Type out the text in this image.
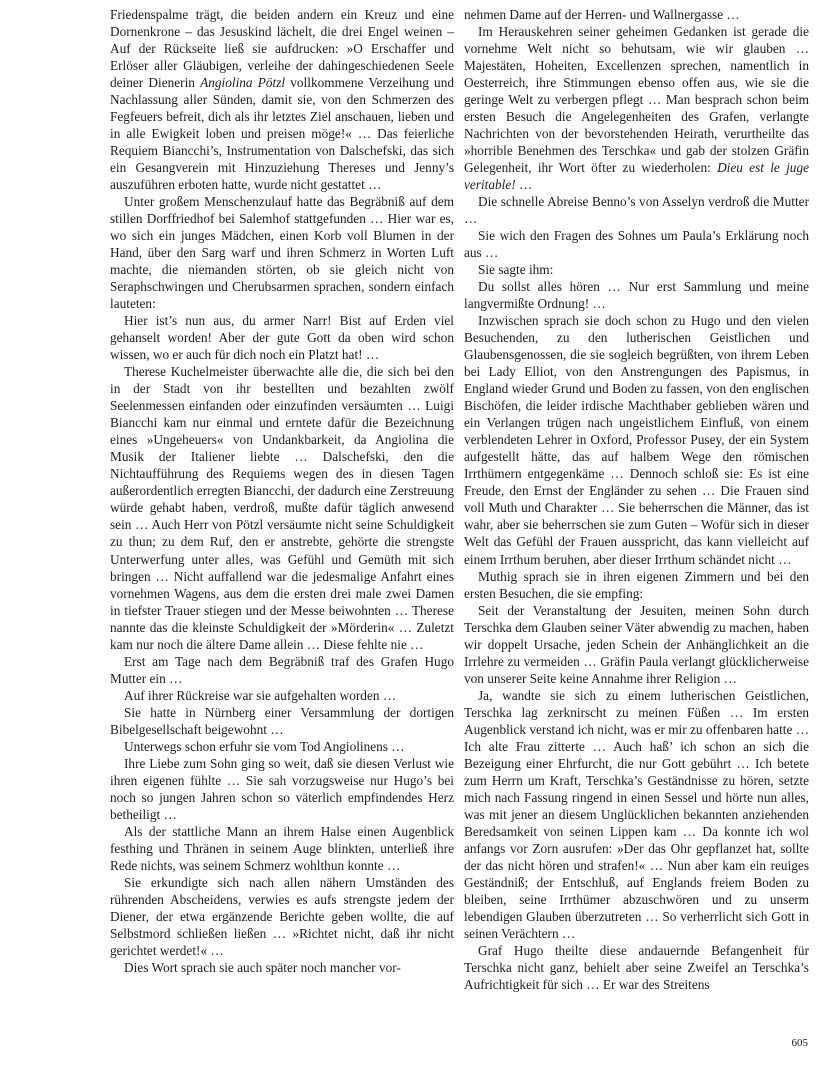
Friedenspalme trägt, die beiden andern ein Kreuz und eine Dornenkrone – das Jesuskind lächelt, die drei Engel weinen – Auf der Rückseite ließ sie aufdrucken: »O Erschaffer und Erlöser aller Gläubigen, verleihe der dahingeschiedenen Seele deiner Dienerin Angiolina Pötzl vollkommene Verzeihung und Nachlassung aller Sünden, damit sie, von den Schmerzen des Fegfeuers befreit, dich als ihr letztes Ziel anschauen, lieben und in alle Ewigkeit loben und preisen möge!« … Das feierliche Requiem Biancchi’s, Instrumentation von Dalschefski, das sich ein Gesangverein mit Hinzuziehung Thereses und Jenny’s auszuführen erboten hatte, wurde nicht gestattet …

Unter großem Menschenzulauf hatte das Begräbniß auf dem stillen Dorffriedhof bei Salemhof stattgefunden … Hier war es, wo sich ein junges Mädchen, einen Korb voll Blumen in der Hand, über den Sarg warf und ihren Schmerz in Worten Luft machte, die niemanden störten, ob sie gleich nicht von Seraphschwingen und Cherubsarmen sprachen, sondern einfach lauteten:

Hier ist’s nun aus, du armer Narr! Bist auf Erden viel gehanselt worden! Aber der gute Gott da oben wird schon wissen, wo er auch für dich noch ein Platzt hat! …

Therese Kuchelmeister überwachte alle die, die sich bei den in der Stadt von ihr bestellten und bezahlten zwölf Seelenmessen einfanden oder einzufinden versäumten … Luigi Biancchi kam nur einmal und erntete dafür die Bezeichnung eines »Ungeheuers« von Undankbarkeit, da Angiolina die Musik der Italiener liebte … Dalschefski, den die Nichtaufführung des Requiems wegen des in diesen Tagen außerordentlich erregten Biancchi, der dadurch eine Zerstreuung würde gehabt haben, verdroß, mußte dafür täglich anwesend sein … Auch Herr von Pötzl versäumte nicht seine Schuldigkeit zu thun; zu dem Ruf, den er anstrebte, gehörte die strengste Unterwerfung unter alles, was Gefühl und Gemüth mit sich bringen … Nicht auffallend war die jedesmalige Anfahrt eines vornehmen Wagens, aus dem die ersten drei male zwei Damen in tiefster Trauer stiegen und der Messe beiwohnten … Therese nannte das die kleinste Schuldigkeit der »Mörderin« … Zuletzt kam nur noch die ältere Dame allein … Diese fehlte nie …

Erst am Tage nach dem Begräbniß traf des Grafen Hugo Mutter ein …

Auf ihrer Rückreise war sie aufgehalten worden …

Sie hatte in Nürnberg einer Versammlung der dortigen Bibelgesellschaft beigewohnt …

Unterwegs schon erfuhr sie vom Tod Angiolinens …

Ihre Liebe zum Sohn ging so weit, daß sie diesen Verlust wie ihren eigenen fühlte … Sie sah vorzugsweise nur Hugo’s bei noch so jungen Jahren schon so väterlich empfindendes Herz betheiligt …

Als der stattliche Mann an ihrem Halse einen Augenblick festhing und Thränen in seinem Auge blinkten, unterließ ihre Rede nichts, was seinem Schmerz wohlthun konnte …

Sie erkundigte sich nach allen nähern Umständen des rührenden Abscheidens, verwies es aufs strengste jedem der Diener, der etwa ergänzende Berichte geben wollte, die auf Selbstmord schließen ließen … »Richtet nicht, daß ihr nicht gerichtet werdet!« …

Dies Wort sprach sie auch später noch mancher vor-

nehmen Dame auf der Herren- und Wallnergasse …

Im Herauskehren seiner geheimen Gedanken ist gerade die vornehme Welt nicht so behutsam, wie wir glauben … Majestäten, Hoheiten, Excellenzen sprechen, namentlich in Oesterreich, ihre Stimmungen ebenso offen aus, wie sie die geringe Welt zu verbergen pflegt … Man besprach schon beim ersten Besuch die Angelegenheiten des Grafen, verlangte Nachrichten von der bevorstehenden Heirath, verurtheilte das »horrible Benehmen des Terschka« und gab der stolzen Gräfin Gelegenheit, ihr Wort öfter zu wiederholen: Dieu est le juge veritable! …

Die schnelle Abreise Benno’s von Asselyn verdroß die Mutter …

Sie wich den Fragen des Sohnes um Paula’s Erklärung noch aus …

Sie sagte ihm:

Du sollst alles hören … Nur erst Sammlung und meine langvermißte Ordnung! …

Inzwischen sprach sie doch schon zu Hugo und den vielen Besuchenden, zu den lutherischen Geistlichen und Glaubensgenossen, die sie sogleich begrüßten, von ihrem Leben bei Lady Elliot, von den Anstrengungen des Papismus, in England wieder Grund und Boden zu fassen, von den englischen Bischöfen, die leider irdische Machthaber geblieben wären und ein Verlangen trügen nach ungeistlichem Einfluß, von einem verblendeten Lehrer in Oxford, Professor Pusey, der ein System aufgestellt hätte, das auf halbem Wege den römischen Irrthümern entgegenkäme … Dennoch schloß sie: Es ist eine Freude, den Ernst der Engländer zu sehen … Die Frauen sind voll Muth und Charakter … Sie beherrschen die Männer, das ist wahr, aber sie beherrschen sie zum Guten – Wofür sich in dieser Welt das Gefühl der Frauen ausspricht, das kann vielleicht auf einem Irrthum beruhen, aber dieser Irrthum schändet nicht …

Muthig sprach sie in ihren eigenen Zimmern und bei den ersten Besuchen, die sie empfing:

Seit der Veranstaltung der Jesuiten, meinen Sohn durch Terschka dem Glauben seiner Väter abwendig zu machen, haben wir doppelt Ursache, jeden Schein der Anhänglichkeit an die Irrlehre zu vermeiden … Gräfin Paula verlangt glücklicherweise von unserer Seite keine Annahme ihrer Religion …

Ja, wandte sie sich zu einem lutherischen Geistlichen, Terschka lag zerknirscht zu meinen Füßen … Im ersten Augenblick verstand ich nicht, was er mir zu offenbaren hatte … Ich alte Frau zitterte … Auch haß’ ich schon an sich die Bezeigung einer Ehrfurcht, die nur Gott gebührt … Ich betete zum Herrn um Kraft, Terschka’s Geständnisse zu hören, setzte mich nach Fassung ringend in einen Sessel und hörte nun alles, was mit jener an diesem Unglücklichen bekannten anziehenden Beredsamkeit von seinen Lippen kam … Da konnte ich wol anfangs vor Zorn ausrufen: »Der das Ohr gepflanzet hat, sollte der das nicht hören und strafen!« … Nun aber kam ein reuiges Geständniß; der Entschluß, auf Englands freiem Boden zu bleiben, seine Irrthümer abzuschwören und zu unserm lebendigen Glauben überzutreten … So verherrlicht sich Gott in seinen Verächtern …

Graf Hugo theilte diese andauernde Befangenheit für Terschka nicht ganz, behielt aber seine Zweifel an Terschka’s Aufrichtigkeit für sich … Er war des Streitens

605
